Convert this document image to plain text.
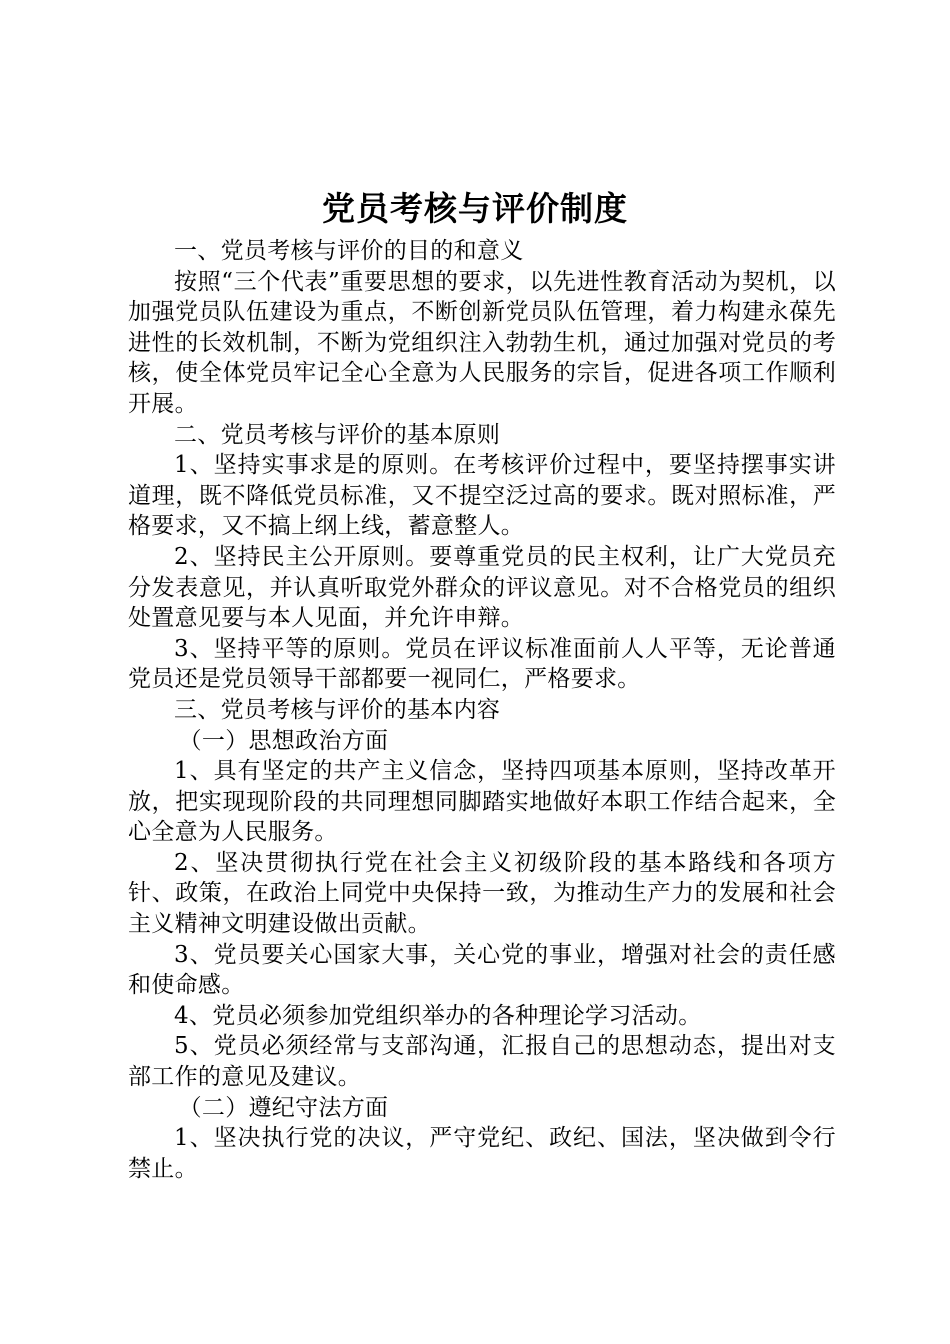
党员考核与评价制度

一、党员考核与评价的目的和意义

按照“三个代表”重要思想的要求，以先进性教育活动为契机，以加强党员队伍建设为重点，不断创新党员队伍管理，着力构建永葆先进性的长效机制，不断为党组织注入勃勃生机，通过加强对党员的考核，使全体党员牢记全心全意为人民服务的宗旨，促进各项工作顺利开展。

二、党员考核与评价的基本原则

1、坚持实事求是的原则。在考核评价过程中，要坚持摆事实讲道理，既不降低党员标准，又不提空泛过高的要求。既对照标准，严格要求，又不搞上纲上线，蓄意整人。

2、坚持民主公开原则。要尊重党员的民主权利，让广大党员充分发表意见，并认真听取党外群众的评议意见。对不合格党员的组织处置意见要与本人见面，并允许申辩。

3、坚持平等的原则。党员在评议标准面前人人平等，无论普通党员还是党员领导干部都要一视同仁，严格要求。

三、党员考核与评价的基本内容

（一）思想政治方面

1、具有坚定的共产主义信念，坚持四项基本原则，坚持改革开放，把实现现阶段的共同理想同脚踏实地做好本职工作结合起来，全心全意为人民服务。

2、坚决贯彻执行党在社会主义初级阶段的基本路线和各项方针、政策，在政治上同党中央保持一致，为推动生产力的发展和社会主义精神文明建设做出贡献。

3、党员要关心国家大事，关心党的事业，增强对社会的责任感和使命感。

4、党员必须参加党组织举办的各种理论学习活动。

5、党员必须经常与支部沟通，汇报自己的思想动态，提出对支部工作的意见及建议。

（二）遵纪守法方面

1、坚决执行党的决议，严守党纪、政纪、国法，坚决做到令行禁止。
